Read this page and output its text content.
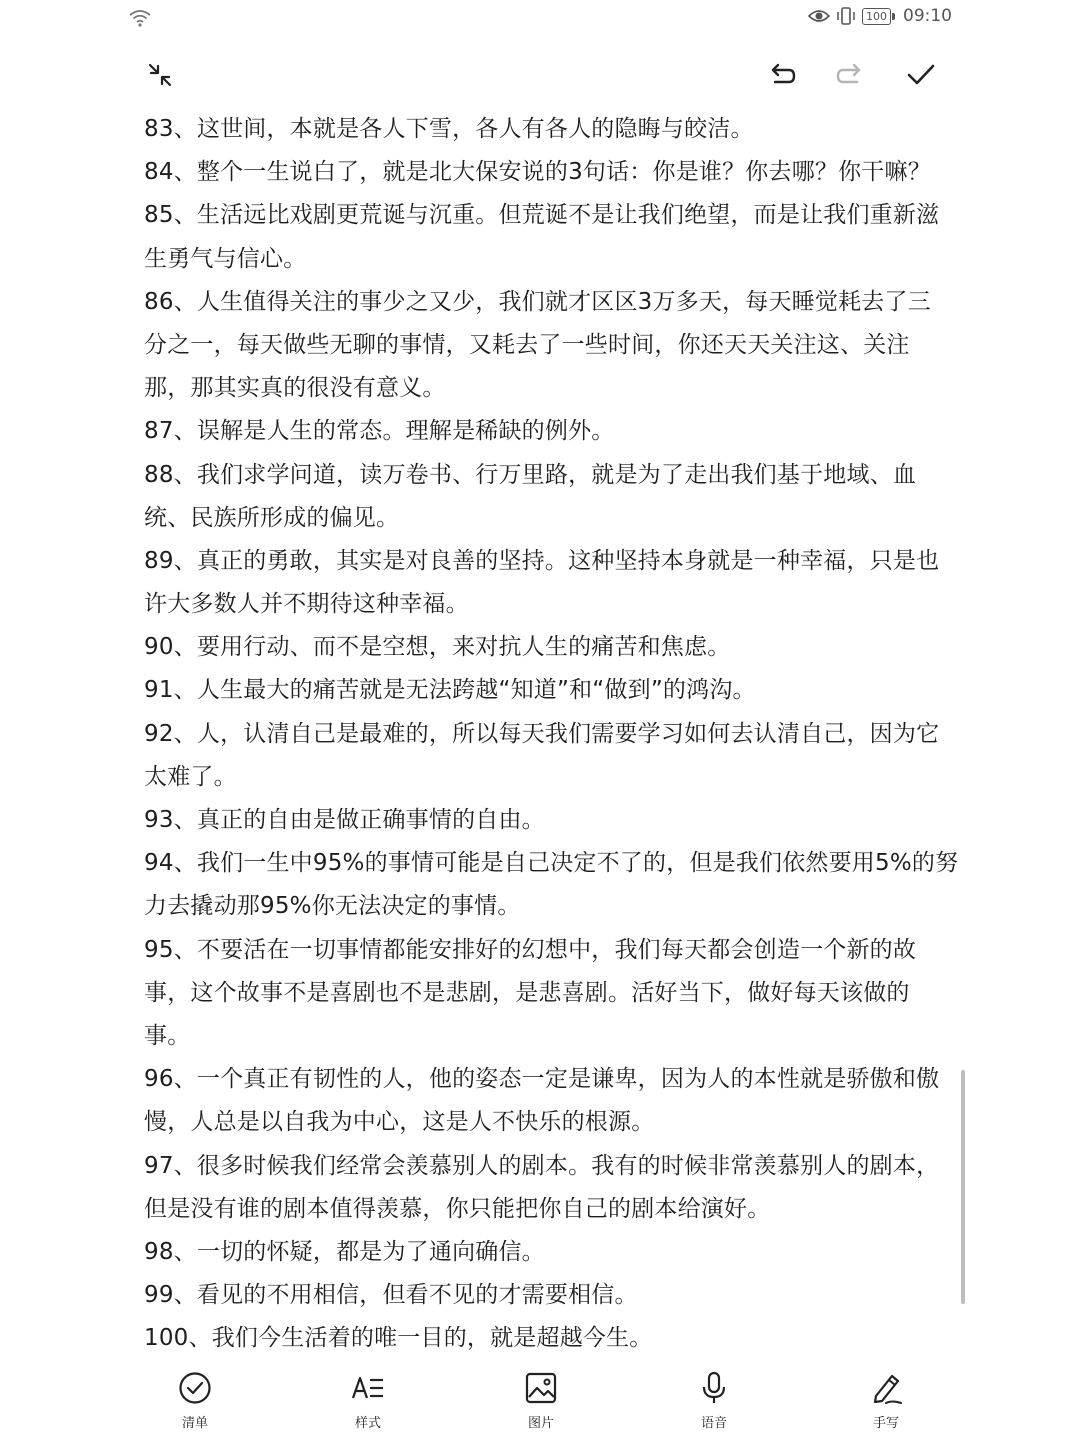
100 09:10
83、这世间，本就是各人下雪，各人有各人的隐晦与皎洁。
84、整个一生说白了，就是北大保安说的3句话：你是谁？你去哪？你干嘛？
85、生活远比戏剧更荒诞与沉重。但荒诞不是让我们绝望，而是让我们重新滋
生勇气与信心。
86、人生值得关注的事少之又少，我们就才区区3万多天，每天睡觉耗去了三
分之一，每天做些无聊的事情，又耗去了一些时间，你还天天关注这、关注
那，那其实真的很没有意义。
87、误解是人生的常态。理解是稀缺的例外。
88、我们求学问道，读万卷书、行万里路，就是为了走出我们基于地域、血
统、民族所形成的偏见。
89、真正的勇敢，其实是对良善的坚持。这种坚持本身就是一种幸福，只是也
许大多数人并不期待这种幸福。
90、要用行动、而不是空想，来对抗人生的痛苦和焦虑。
91、人生最大的痛苦就是无法跨越“知道”和“做到”的鸿沟。
92、人，认清自己是最难的，所以每天我们需要学习如何去认清自己，因为它
太难了。
93、真正的自由是做正确事情的自由。
94、我们一生中95%的事情可能是自己决定不了的，但是我们依然要用5%的努
力去撬动那95%你无法决定的事情。
95、不要活在一切事情都能安排好的幻想中，我们每天都会创造一个新的故
事，这个故事不是喜剧也不是悲剧，是悲喜剧。活好当下，做好每天该做的
事。
96、一个真正有韧性的人，他的姿态一定是谦卑，因为人的本性就是骄傲和傲
慢，人总是以自我为中心，这是人不快乐的根源。
97、很多时候我们经常会羡慕别人的剧本。我有的时候非常羡慕别人的剧本，
但是没有谁的剧本值得羡慕，你只能把你自己的剧本给演好。
98、一切的怀疑，都是为了通向确信。
99、看见的不用相信，但看不见的才需要相信。
100、我们今生活着的唯一目的，就是超越今生。
清单	样式	图片	语音	手写
